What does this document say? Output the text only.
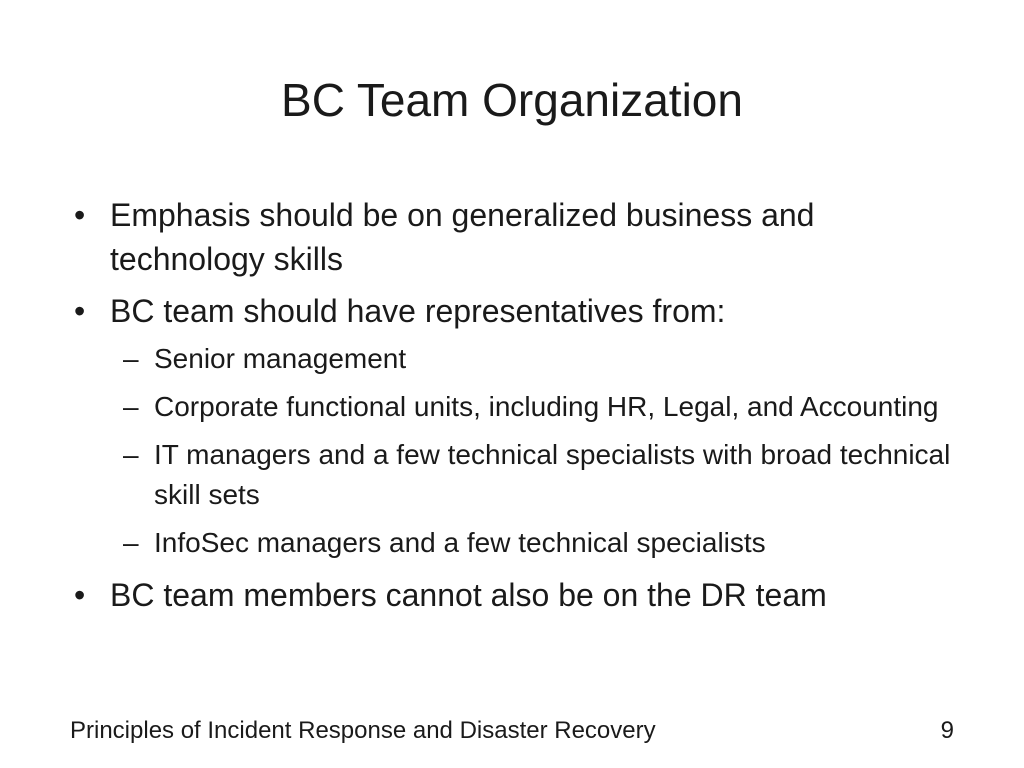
BC Team Organization
• Emphasis should be on generalized business and technology skills
• BC team should have representatives from:
– Senior management
– Corporate functional units, including HR, Legal, and Accounting
– IT managers and a few technical specialists with broad technical skill sets
– InfoSec managers and a few technical specialists
• BC team members cannot also be on the DR team
Principles of Incident Response and Disaster Recovery	9
